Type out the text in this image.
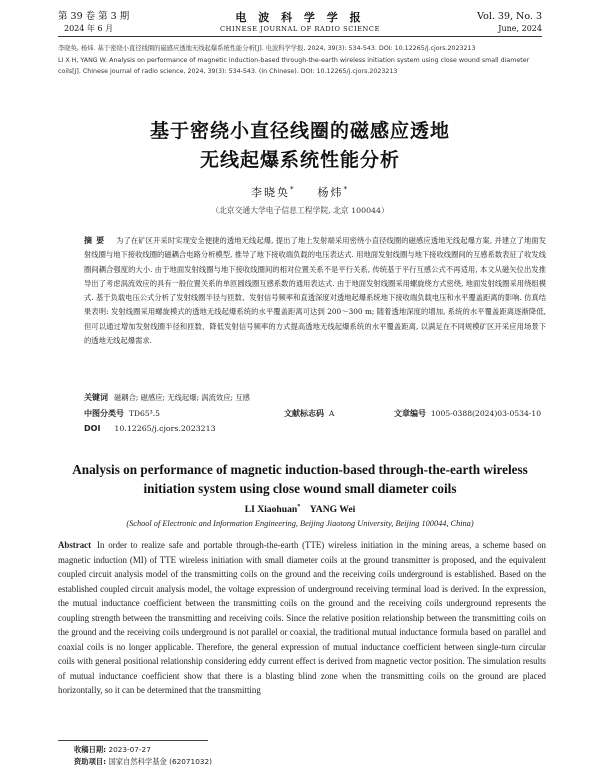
第 39 卷 第 3 期
2024 年 6 月
电 波 科 学 学 报
CHINESE JOURNAL OF RADIO SCIENCE
Vol. 39, No. 3
June, 2024
李晓奂, 杨炜. 基于密绕小直径线圈的磁感应透地无线起爆系统性能分析[J]. 电波科学学报, 2024, 39(3): 534-543. DOI: 10.12265/j.cjors.2023213
LI X H, YANG W. Analysis on performance of magnetic induction-based through-the-earth wireless initiation system using close wound small diameter coils[J]. Chinese journal of radio science, 2024, 39(3): 534-543. (in Chinese). DOI: 10.12265/j.cjors.2023213
基于密绕小直径线圈的磁感应透地
无线起爆系统性能分析
李晓奂* 杨炜*
（北京交通大学电子信息工程学院, 北京 100044）
摘要 为了在矿区开采时实现安全便捷的透地无线起爆, 提出了地上发射端采用密绕小直径线圈的磁感应透地无线起爆方案, 并建立了地面发射线圈与地下接收线圈的磁耦合电路分析模型, 推导了地下接收端负载的电压表达式. 用地面发射线圈与地下接收线圈间的互感系数表征了收发线圈间耦合强度的大小. 由于地面发射线圈与地下接收线圈间的相对位置关系不是平行关系, 传统基于平行互感公式不再适用, 本文从磁矢位出发推导出了考虑涡流效应的具有一般位置关系的单匝圆线圈互感系数的通用表达式. 由于地面发射线圈采用螺旋绕方式密绕, 地面发射线圈采用绕组模式. 基于负载电压公式分析了发射线圈半径与匝数、发射信号频率和直透深度对透地起爆系统地下接收端负载电压和水平覆盖距离的影响. 仿真结果表明: 发射线圈采用螺旋模式的透地无线起爆系统的水平覆盖距离可达到 200～300 m; 随着透地深度的增加, 系统的水平覆盖距离逐渐降低, 但可以通过增加发射线圈半径和匝数、降低发射信号频率的方式提高透地无线起爆系统的水平覆盖距离, 以满足在不同规模矿区开采应用场景下的透地无线起爆需求.
关键词 磁耦合; 磁感应; 无线起爆; 涡流效应; 互感
中图分类号 TD65³.5	文献标志码 A	文章编号 1005-0388(2024)03-0534-10
DOI 10.12265/j.cjors.2023213
Analysis on performance of magnetic induction-based through-the-earth wireless
initiation system using close wound small diameter coils
LI Xiaohuan* YANG Wei
(School of Electronic and Information Engineering, Beijing Jiaotong University, Beijing 100044, China)
Abstract In order to realize safe and portable through-the-earth (TTE) wireless initiation in the mining areas, a scheme based on magnetic induction (MI) of TTE wireless initiation with small diameter coils at the ground transmitter is proposed, and the equivalent coupled circuit analysis model of the transmitting coils on the ground and the receiving coils underground is established. Based on the established coupled circuit analysis model, the voltage expression of underground receiving terminal load is derived. In the expression, the mutual inductance coefficient between the transmitting coils on the ground and the receiving coils underground represents the coupling strength between the transmitting and receiving coils. Since the relative position relationship between the transmitting coils on the ground and the receiving coils underground is not parallel or coaxial, the traditional mutual inductance formula based on parallel and coaxial coils is no longer applicable. Therefore, the general expression of mutual inductance coefficient between single-turn circular coils with general positional relationship considering eddy current effect is derived from magnetic vector position. The simulation results of mutual inductance coefficient show that there is a blasting blind zone when the transmitting coils on the ground are placed horizontally, so it can be determined that the transmitting
收稿日期: 2023-07-27
资助项目: 国家自然科学基金 (62071032)
